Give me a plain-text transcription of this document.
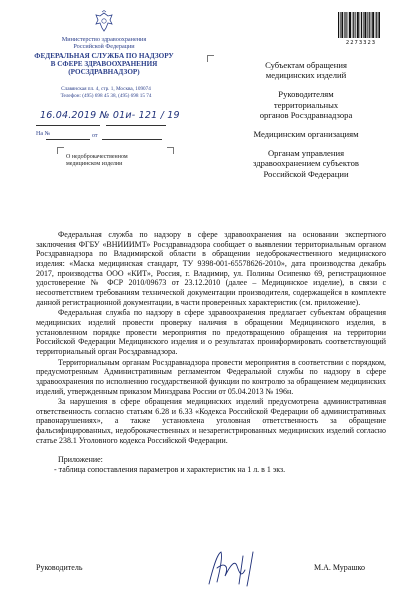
Министерство здравоохранения
Российской Федерации
ФЕДЕРАЛЬНАЯ СЛУЖБА ПО НАДЗОРУ
В СФЕРЕ ЗДРАВООХРАНЕНИЯ
(РОСЗДРАВНАДЗОР)
Славянская пл. 4, стр. 1, Москва, 109074
Телефон: (495) 698 45 38, (495) 698 15 74
16.04.2019 № 01и- 121 / 19
На №	от
О недоброкачественном
медицинском изделии
2273323
Субъектам обращения
медицинских изделий
Руководителям
территориальных
органов Росздравнадзора
Медицинским организациям
Органам управления
здравоохранением субъектов
Российской Федерации

Федеральная служба по надзору в сфере здравоохранения на основании экспертного заключения ФГБУ «ВНИИИМТ» Росздравнадзора сообщает о выявлении территориальным органом Росздравнадзора по Владимирской области в обращении недоброкачественного медицинского изделия: «Маска медицинская стандарт, ТУ 9398-001-65578626-2010», дата производства декабрь 2017, производства ООО «КИТ», Россия, г. Владимир, ул. Полины Осипенко 69, регистрационное удостоверение № ФСР 2010/09673 от 23.12.2010 (далее – Медицинское изделие), в связи с несоответствием требованиям технической документации производителя, содержащейся в комплекте данной регистрационной документации, в части проверенных характеристик (см. приложение).

Федеральная служба по надзору в сфере здравоохранения предлагает субъектам обращения медицинских изделий провести проверку наличия в обращении Медицинского изделия, в установленном порядке провести мероприятия по предотвращению обращения на территории Российской Федерации Медицинского изделия и о результатах проинформировать соответствующий территориальный орган Росздравнадзора.

Территориальным органам Росздравнадзора провести мероприятия в соответствии с порядком, предусмотренным Административным регламентом Федеральной службы по надзору в сфере здравоохранения по исполнению государственной функции по контролю за обращением медицинских изделий, утвержденным приказом Минздрава России от 05.04.2013 № 196н.

За нарушения в сфере обращения медицинских изделий предусмотрена административная ответственность согласно статьям 6.28 и 6.33 «Кодекса Российской Федерации об административных правонарушениях», а также установлена уголовная ответственность за обращение фальсифицированных, недоброкачественных и незарегистрированных медицинских изделий согласно статье 238.1 Уголовного кодекса Российской Федерации.

Приложение:
- таблица сопоставления параметров и характеристик на 1 л. в 1 экз.
Руководитель	М.А. Мурашко
